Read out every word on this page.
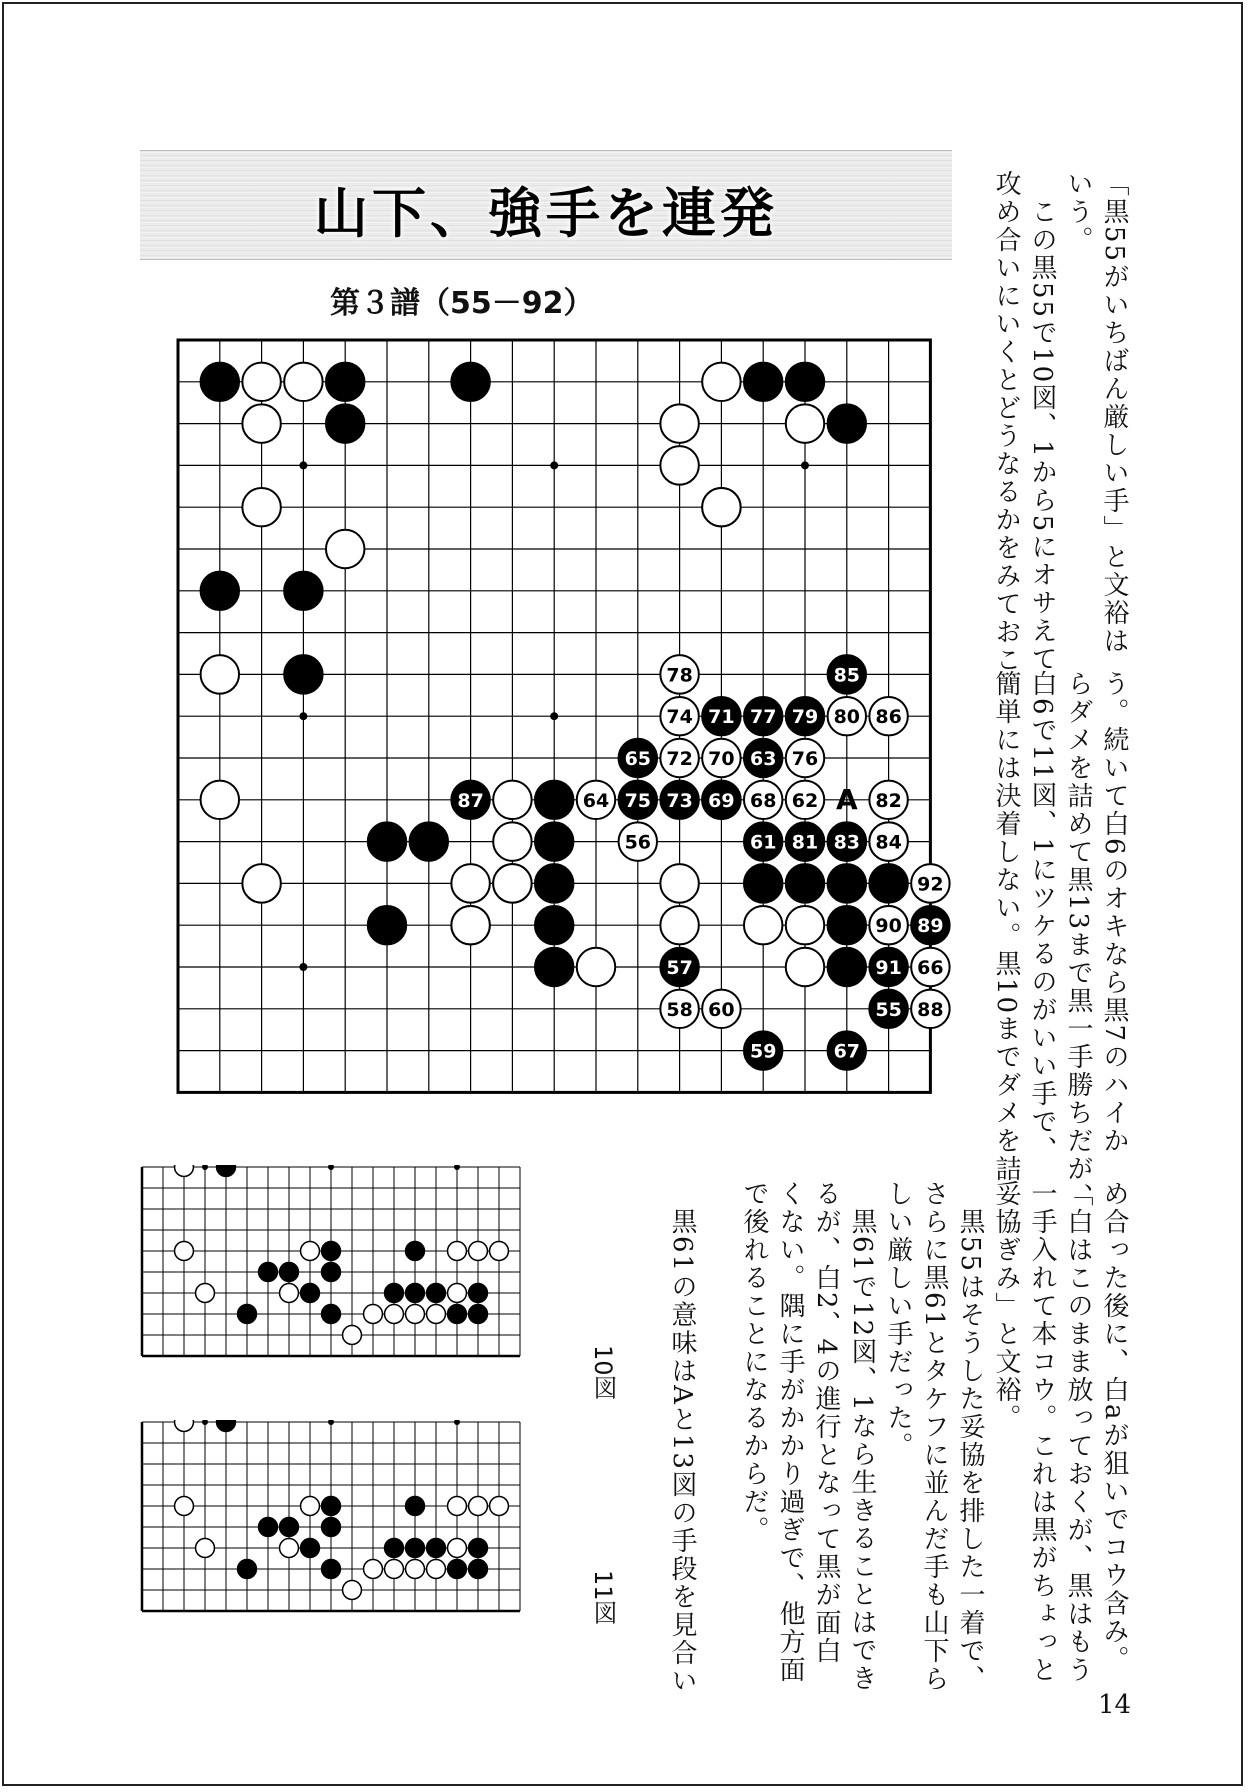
山下、強手を連発
第３譜（55－92）
78	85
74 71 77 79 80 86
65 72 70 63 76
87	64 75 73 69 68 62	82
56	61 81 83 84
92
90 89
57	91 66
58 60	55 88
59	67
A
「黒55がいちばん厳しい手」と文裕は
いう。
　この黒55で10図、1から5にオサえて
攻め合いにいくとどうなるかをみておこ
う。続いて白6のオキなら黒7のハイか
らダメを詰めて黒13まで黒一手勝ちだが、
白6で11図、1にツケるのがいい手で、
簡単には決着しない。黒10までダメを詰
め合った後に、白aが狙いでコウ含み。
「白はこのまま放っておくが、黒はもう
一手入れて本コウ。これは黒がちょっと
妥協ぎみ」と文裕。
　黒55はそうした妥協を排した一着で、
さらに黒61とタケフに並んだ手も山下ら
しい厳しい手だった。
　黒61で12図、1なら生きることはでき
るが、白2、4の進行となって黒が面白
くない。隅に手がかかり過ぎで、他方面
で後れることになるからだ。
　黒61の意味はAと13図の手段を見合い
10図
11図
14
